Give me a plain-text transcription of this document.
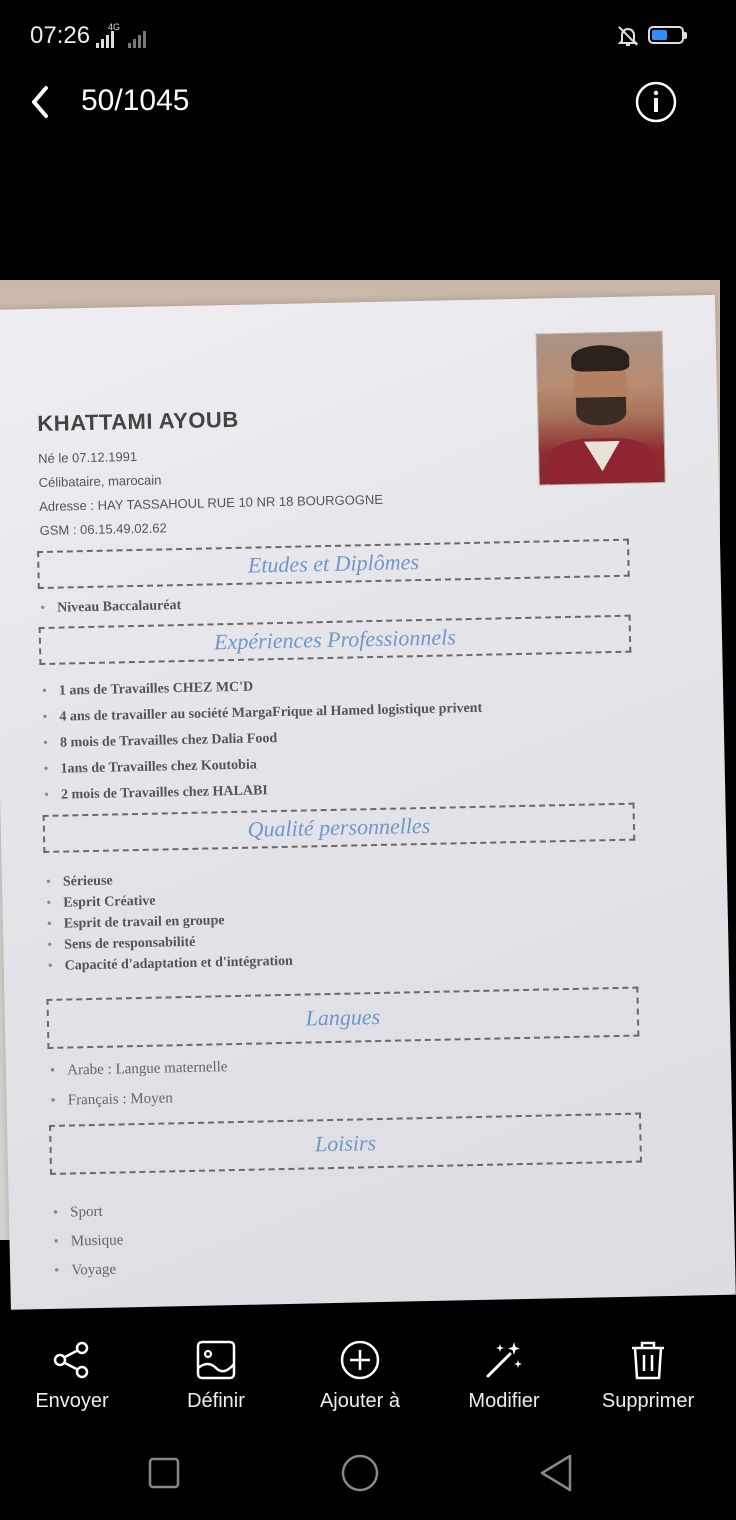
07:26 4G
50/1045
KHATTAMI AYOUB
Né le 07.12.1991
Célibataire, marocain
Adresse : HAY TASSAHOUL RUE 10 NR 18 BOURGOGNE
GSM : 06.15.49.02.62
Etudes et Diplômes
• Niveau Baccalauréat
Expériences Professionnels
• 1 ans de Travailles CHEZ MC'D
• 4 ans de travailler au société MargaFrique al Hamed logistique privent
• 8 mois de Travailles chez Dalia Food
• 1ans de Travailles chez Koutobia
• 2 mois de Travailles chez HALABI
Qualité personnelles
• Sérieuse
• Esprit Créative
• Esprit de travail en groupe
• Sens de responsabilité
• Capacité d'adaptation et d'intégration
Langues
• Arabe : Langue maternelle
• Français : Moyen
Loisirs
• Sport
• Musique
• Voyage
Envoyer	Définir	Ajouter à	Modifier	Supprimer
